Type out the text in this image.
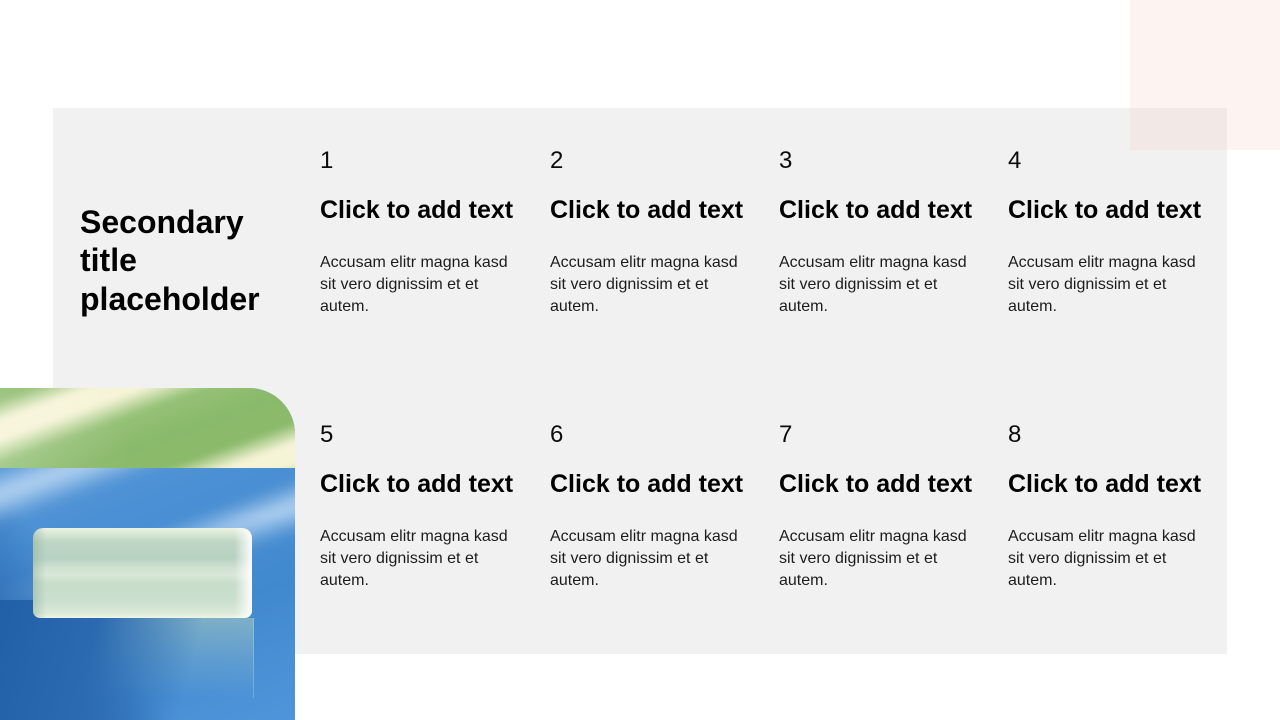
Secondary title placeholder
1
Click to add text
Accusam elitr magna kasd sit vero dignissim et et autem.
2
Click to add text
Accusam elitr magna kasd sit vero dignissim et et autem.
3
Click to add text
Accusam elitr magna kasd sit vero dignissim et et autem.
4
Click to add text
Accusam elitr magna kasd sit vero dignissim et et autem.
5
Click to add text
Accusam elitr magna kasd sit vero dignissim et et autem.
6
Click to add text
Accusam elitr magna kasd sit vero dignissim et et autem.
7
Click to add text
Accusam elitr magna kasd sit vero dignissim et et autem.
8
Click to add text
Accusam elitr magna kasd sit vero dignissim et et autem.
